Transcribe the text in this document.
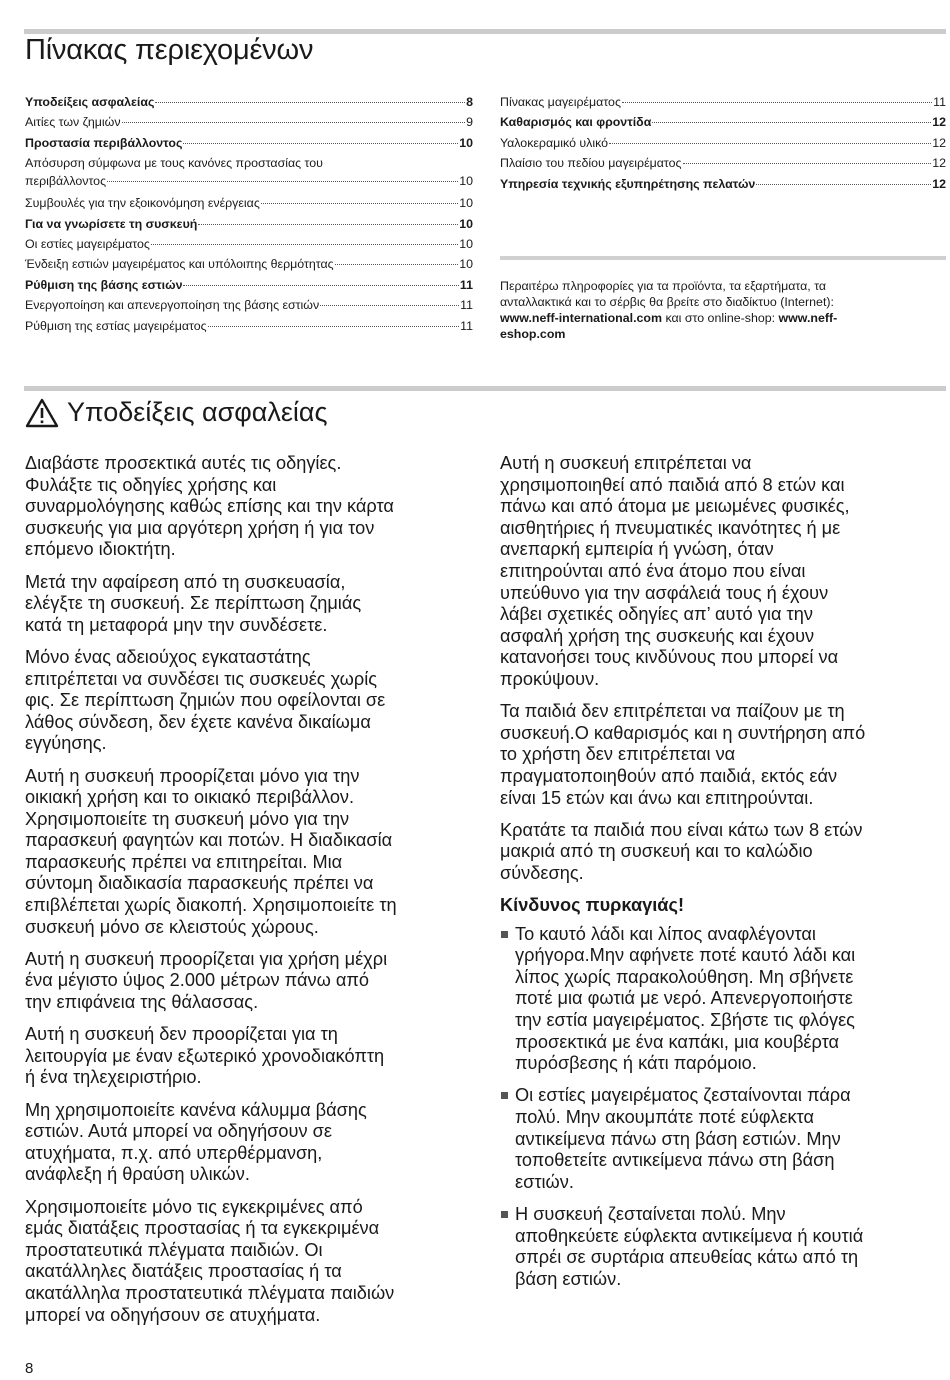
Πίνακας περιεχομένων
Υποδείξεις ασφαλείας	8
Αιτίες των ζημιών	9
Προστασία περιβάλλοντος	10
Απόσυρση σύμφωνα με τους κανόνες προστασίας του
περιβάλλοντος	10
Συμβουλές για την εξοικονόμηση ενέργειας	10
Για να γνωρίσετε τη συσκευή	10
Οι εστίες μαγειρέματος	10
Ένδειξη εστιών μαγειρέματος και υπόλοιπης θερμότητας	10
Ρύθμιση της βάσης εστιών	11
Ενεργοποίηση και απενεργοποίηση της βάσης εστιών	11
Ρύθμιση της εστίας μαγειρέματος	11
Πίνακας μαγειρέματος	11
Καθαρισμός και φροντίδα	12
Υαλοκεραμικό υλικό	12
Πλαίσιο του πεδίου μαγειρέματος	12
Υπηρεσία τεχνικής εξυπηρέτησης πελατών	12
Περαιτέρω πληροφορίες για τα προϊόντα, τα εξαρτήματα, τα
ανταλλακτικά και το σέρβις θα βρείτε στο διαδίκτυο (Internet):
www.neff-international.com και στο online-shop: www.neff-
eshop.com
Υποδείξεις ασφαλείας

Διαβάστε προσεκτικά αυτές τις οδηγίες.
Φυλάξτε τις οδηγίες χρήσης και
συναρμολόγησης καθώς επίσης και την κάρτα
συσκευής για μια αργότερη χρήση ή για τον
επόμενο ιδιοκτήτη.

Μετά την αφαίρεση από τη συσκευασία,
ελέγξτε τη συσκευή. Σε περίπτωση ζημιάς
κατά τη μεταφορά μην την συνδέσετε.

Μόνο ένας αδειούχος εγκαταστάτης
επιτρέπεται να συνδέσει τις συσκευές χωρίς
φις. Σε περίπτωση ζημιών που οφείλονται σε
λάθος σύνδεση, δεν έχετε κανένα δικαίωμα
εγγύησης.

Αυτή η συσκευή προορίζεται μόνο για την
οικιακή χρήση και το οικιακό περιβάλλον.
Χρησιμοποιείτε τη συσκευή μόνο για την
παρασκευή φαγητών και ποτών. Η διαδικασία
παρασκευής πρέπει να επιτηρείται. Μια
σύντομη διαδικασία παρασκευής πρέπει να
επιβλέπεται χωρίς διακοπή. Χρησιμοποιείτε τη
συσκευή μόνο σε κλειστούς χώρους.

Αυτή η συσκευή προορίζεται για χρήση μέχρι
ένα μέγιστο ύψος 2.000 μέτρων πάνω από
την επιφάνεια της θάλασσας.

Αυτή η συσκευή δεν προορίζεται για τη
λειτουργία με έναν εξωτερικό χρονοδιακόπτη
ή ένα τηλεχειριστήριο.

Μη χρησιμοποιείτε κανένα κάλυμμα βάσης
εστιών. Αυτά μπορεί να οδηγήσουν σε
ατυχήματα, π.χ. από υπερθέρμανση,
ανάφλεξη ή θραύση υλικών.

Χρησιμοποιείτε μόνο τις εγκεκριμένες από
εμάς διατάξεις προστασίας ή τα εγκεκριμένα
προστατευτικά πλέγματα παιδιών. Οι
ακατάλληλες διατάξεις προστασίας ή τα
ακατάλληλα προστατευτικά πλέγματα παιδιών
μπορεί να οδηγήσουν σε ατυχήματα.

Αυτή η συσκευή επιτρέπεται να
χρησιμοποιηθεί από παιδιά από 8 ετών και
πάνω και από άτομα με μειωμένες φυσικές,
αισθητήριες ή πνευματικές ικανότητες ή με
ανεπαρκή εμπειρία ή γνώση, όταν
επιτηρούνται από ένα άτομο που είναι
υπεύθυνο για την ασφάλειά τους ή έχουν
λάβει σχετικές οδηγίες απ’ αυτό για την
ασφαλή χρήση της συσκευής και έχουν
κατανοήσει τους κινδύνους που μπορεί να
προκύψουν.

Τα παιδιά δεν επιτρέπεται να παίζουν με τη
συσκευή.Ο καθαρισμός και η συντήρηση από
το χρήστη δεν επιτρέπεται να
πραγματοποιηθούν από παιδιά, εκτός εάν
είναι 15 ετών και άνω και επιτηρούνται.

Κρατάτε τα παιδιά που είναι κάτω των 8 ετών
μακριά από τη συσκευή και το καλώδιο
σύνδεσης.

Κίνδυνος πυρκαγιάς!
Το καυτό λάδι και λίπος αναφλέγονται
γρήγορα.Μην αφήνετε ποτέ καυτό λάδι και
λίπος χωρίς παρακολούθηση. Μη σβήνετε
ποτέ μια φωτιά με νερό. Απενεργοποιήστε
την εστία μαγειρέματος. Σβήστε τις φλόγες
προσεκτικά με ένα καπάκι, μια κουβέρτα
πυρόσβεσης ή κάτι παρόμοιο.
Οι εστίες μαγειρέματος ζεσταίνονται πάρα
πολύ. Μην ακουμπάτε ποτέ εύφλεκτα
αντικείμενα πάνω στη βάση εστιών. Μην
τοποθετείτε αντικείμενα πάνω στη βάση
εστιών.
Η συσκευή ζεσταίνεται πολύ. Μην
αποθηκεύετε εύφλεκτα αντικείμενα ή κουτιά
σπρέι σε συρτάρια απευθείας κάτω από τη
βάση εστιών.
8
